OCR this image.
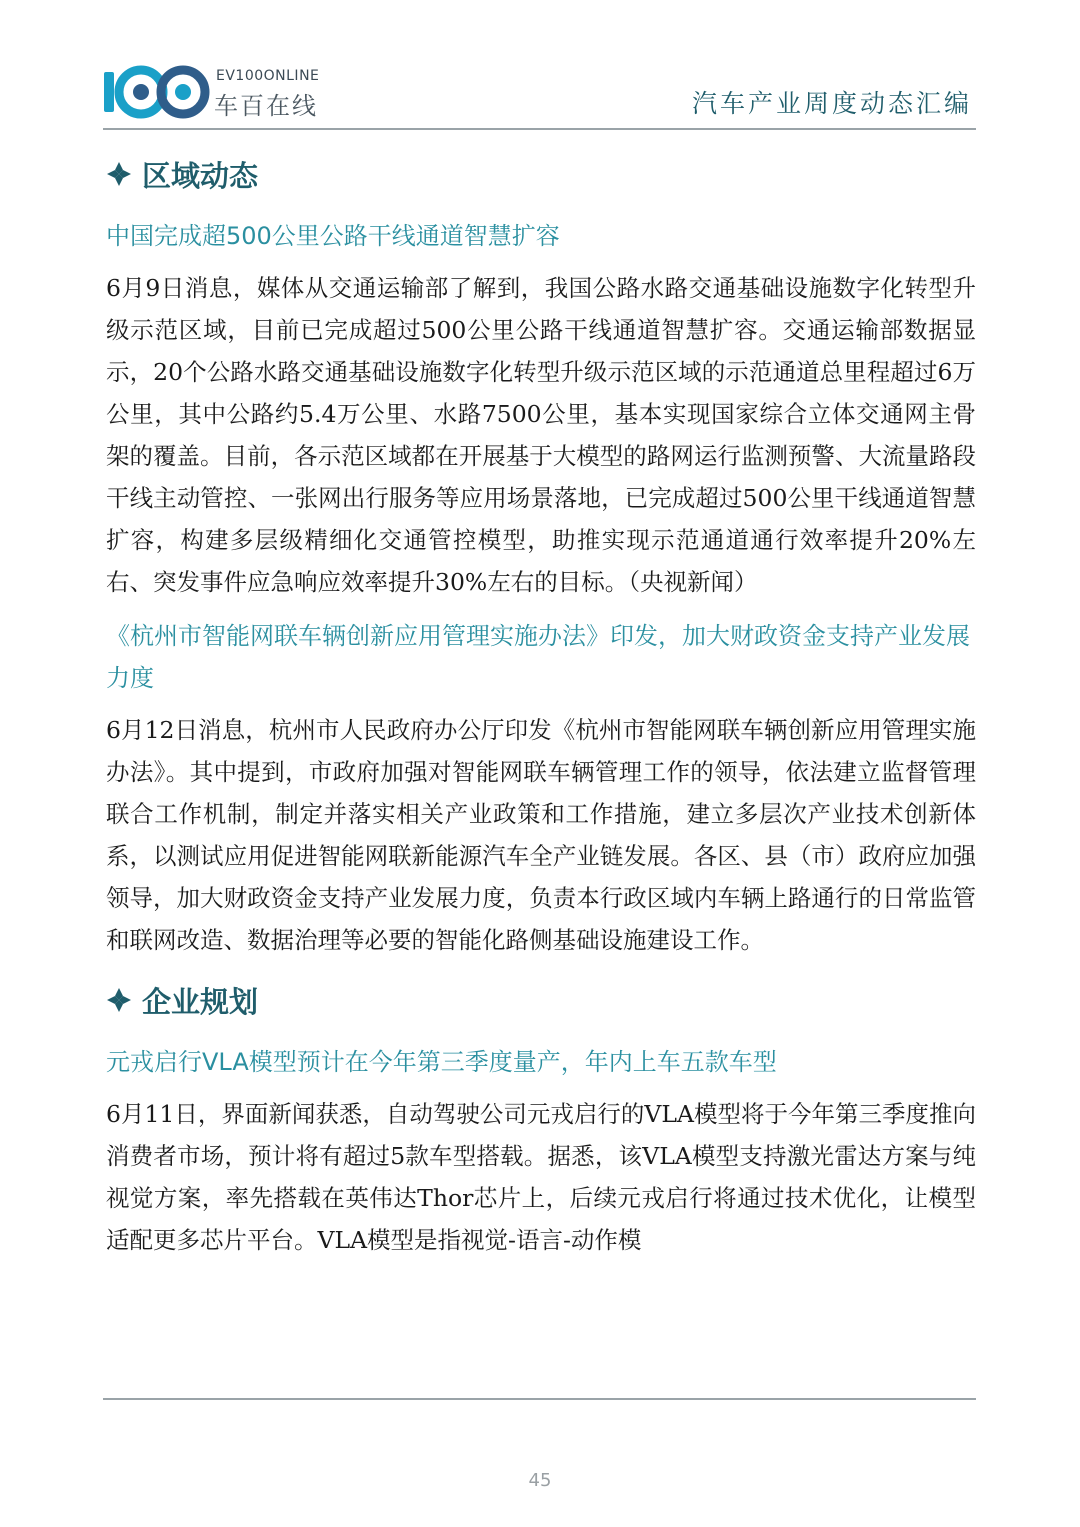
EV100ONLINE
车百在线	汽车产业周度动态汇编
区域动态
中国完成超500公里公路干线通道智慧扩容

6月9日消息，媒体从交通运输部了解到，我国公路水路交通基础设施数字化转型升级示范区域，目前已完成超过500公里公路干线通道智慧扩容。交通运输部数据显示，20个公路水路交通基础设施数字化转型升级示范区域的示范通道总里程超过6万公里，其中公路约5.4万公里、水路7500公里，基本实现国家综合立体交通网主骨架的覆盖。目前，各示范区域都在开展基于大模型的路网运行监测预警、大流量路段干线主动管控、一张网出行服务等应用场景落地，已完成超过500公里干线通道智慧扩容，构建多层级精细化交通管控模型，助推实现示范通道通行效率提升20%左右、突发事件应急响应效率提升30%左右的目标。（央视新闻）

《杭州市智能网联车辆创新应用管理实施办法》印发，加大财政资金支持产业发展力度

6月12日消息，杭州市人民政府办公厅印发《杭州市智能网联车辆创新应用管理实施办法》。其中提到，市政府加强对智能网联车辆管理工作的领导，依法建立监督管理联合工作机制，制定并落实相关产业政策和工作措施，建立多层次产业技术创新体系，以测试应用促进智能网联新能源汽车全产业链发展。各区、县（市）政府应加强领导，加大财政资金支持产业发展力度，负责本行政区域内车辆上路通行的日常监管和联网改造、数据治理等必要的智能化路侧基础设施建设工作。

企业规划
元戎启行VLA模型预计在今年第三季度量产，年内上车五款车型

6月11日，界面新闻获悉，自动驾驶公司元戎启行的VLA模型将于今年第三季度推向消费者市场，预计将有超过5款车型搭载。据悉，该VLA模型支持激光雷达方案与纯视觉方案，率先搭载在英伟达Thor芯片上，后续元戎启行将通过技术优化，让模型适配更多芯片平台。VLA模型是指视觉-语言-动作模

45
